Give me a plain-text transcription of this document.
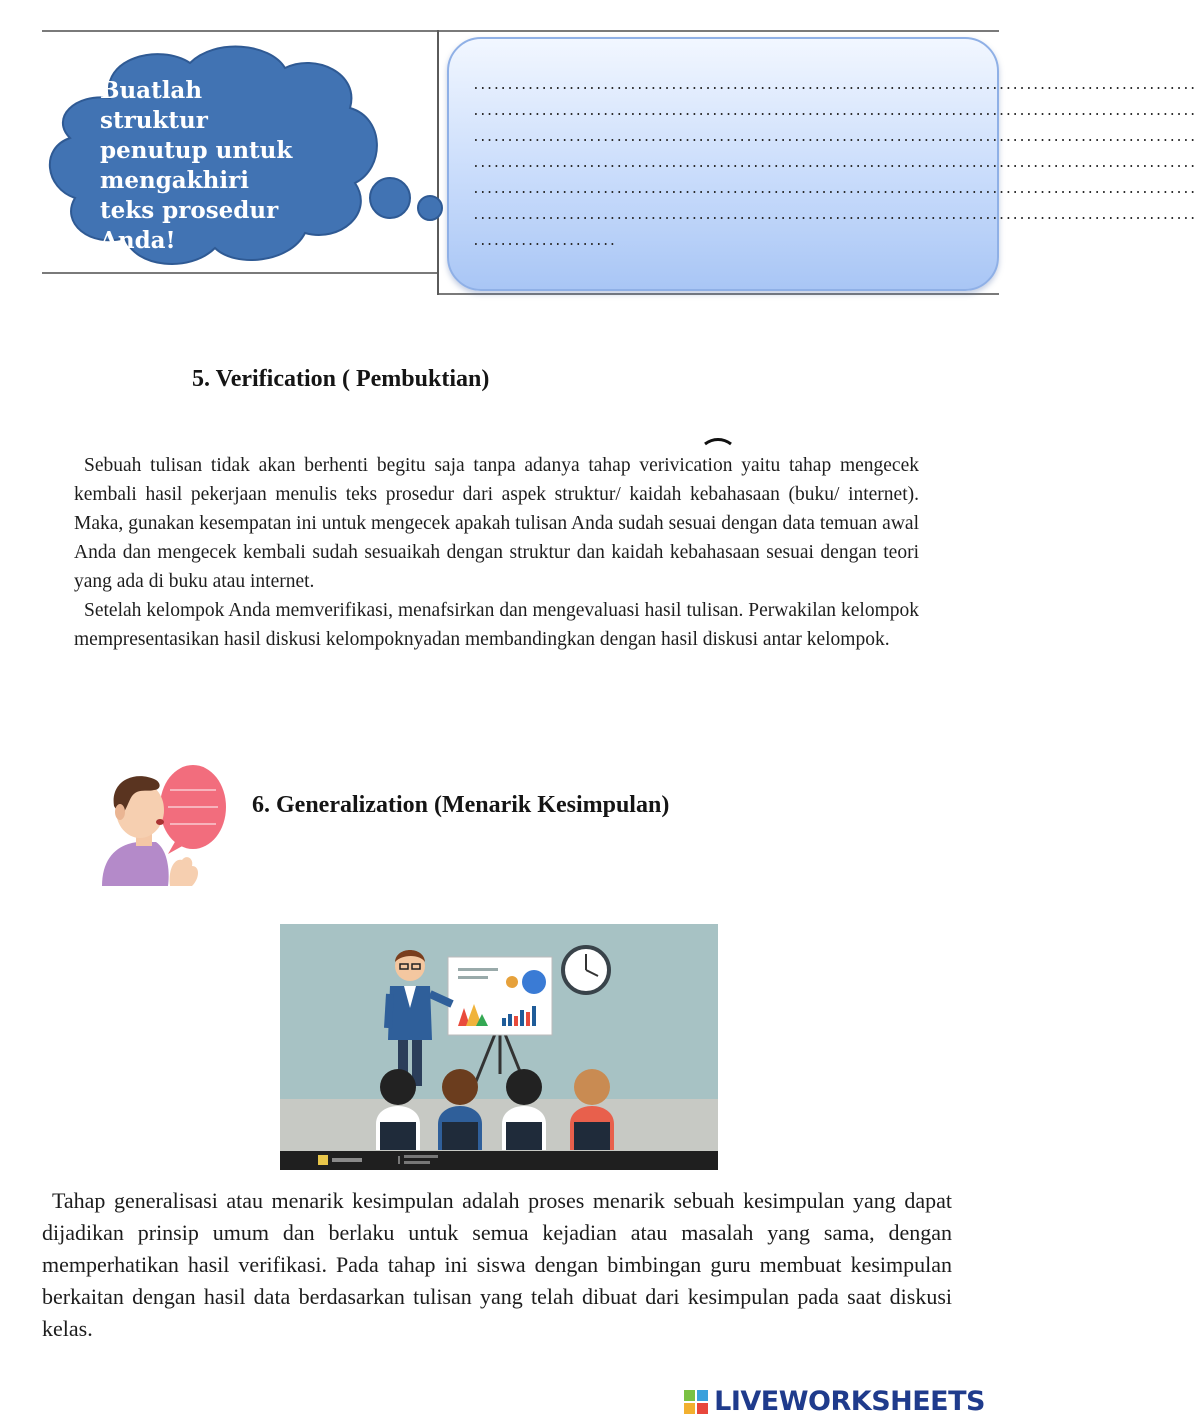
Buatlah struktur penutup untuk mengakhiri teks prosedur Anda!
..........................................................................................................
..........................................................................................................
..........................................................................................................
..........................................................................................................
..........................................................................................................
..........................................................................................................
.....................
5. Verification ( Pembuktian)

Sebuah tulisan tidak akan berhenti begitu saja tanpa adanya tahap verivication yaitu tahap mengecek kembali hasil pekerjaan menulis teks prosedur dari aspek struktur/ kaidah kebahasaan (buku/ internet). Maka, gunakan kesempatan ini untuk mengecek apakah tulisan Anda sudah sesuai dengan data temuan awal Anda dan mengecek kembali sudah sesuaikah dengan struktur dan kaidah kebahasaan sesuai dengan teori yang ada di buku atau internet.

Setelah kelompok Anda memverifikasi, menafsirkan dan mengevaluasi hasil tulisan. Perwakilan kelompok mempresentasikan hasil diskusi kelompoknyadan membandingkan dengan hasil diskusi antar kelompok.

6. Generalization (Menarik Kesimpulan)

Tahap generalisasi atau menarik kesimpulan adalah proses menarik sebuah kesimpulan yang dapat dijadikan prinsip umum dan berlaku untuk semua kejadian atau masalah yang sama, dengan memperhatikan hasil verifikasi. Pada tahap ini siswa dengan bimbingan guru membuat kesimpulan berkaitan dengan hasil data berdasarkan tulisan yang telah dibuat dari kesimpulan pada saat diskusi kelas.

LIVEWORKSHEETS
